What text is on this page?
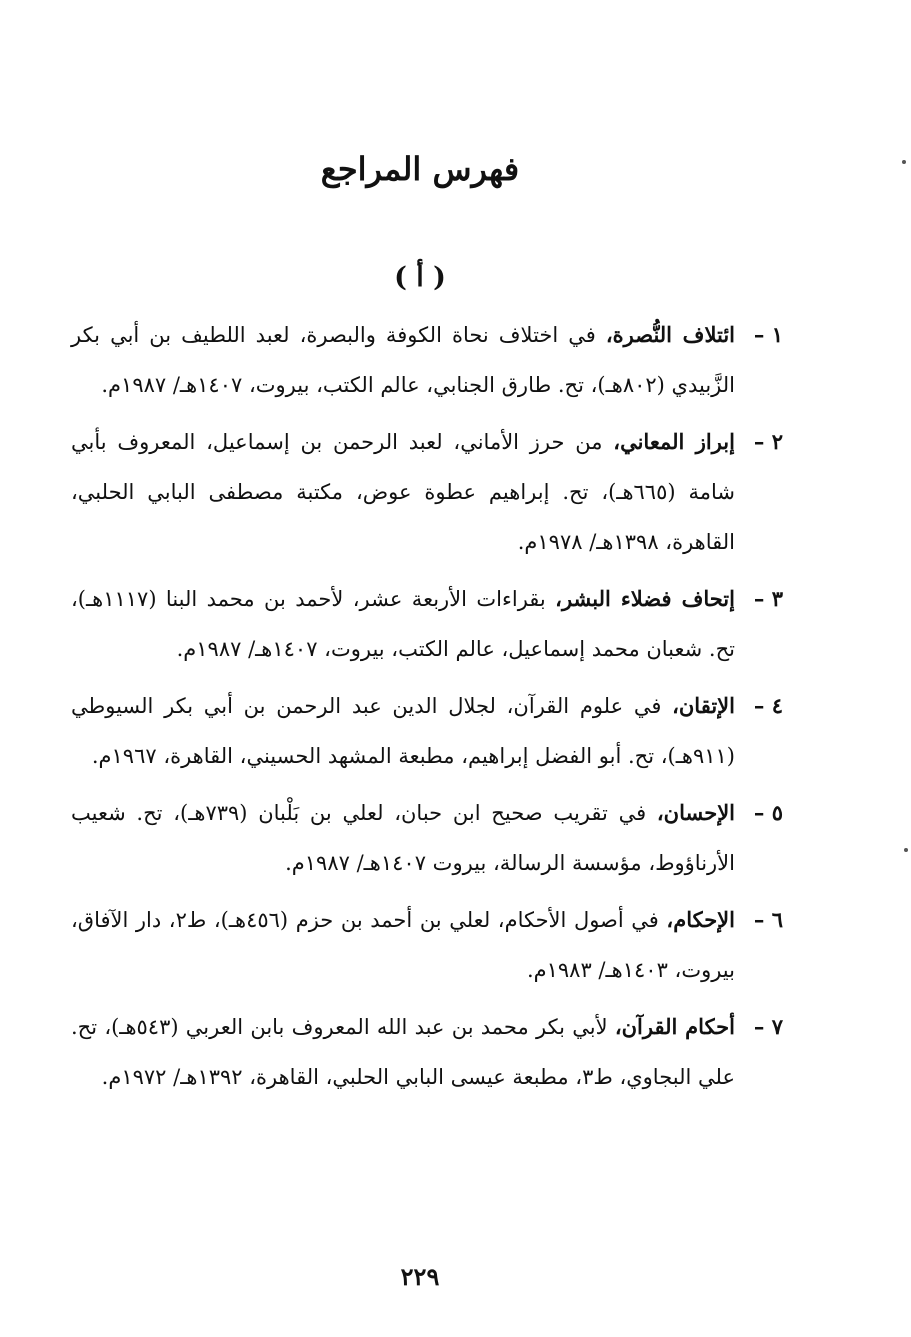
فهرس المراجع
( أ )
١ –
ائتلاف النُّصرة، في اختلاف نحاة الكوفة والبصرة، لعبد اللطيف بن أبي بكر الزَّبيدي (٨٠٢هـ)، تح. طارق الجنابي، عالم الكتب، بيروت، ١٤٠٧هـ/ ١٩٨٧م.
٢ –
إبراز المعاني، من حرز الأماني، لعبد الرحمن بن إسماعيل، المعروف بأبي شامة (٦٦٥هـ)، تح. إبراهيم عطوة عوض، مكتبة مصطفى البابي الحلبي، القاهرة، ١٣٩٨هـ/ ١٩٧٨م.
٣ –
إتحاف فضلاء البشر، بقراءات الأربعة عشر، لأحمد بن محمد البنا (١١١٧هـ)، تح. شعبان محمد إسماعيل، عالم الكتب، بيروت، ١٤٠٧هـ/ ١٩٨٧م.
٤ –
الإتقان، في علوم القرآن، لجلال الدين عبد الرحمن بن أبي بكر السيوطي (٩١١هـ)، تح. أبو الفضل إبراهيم، مطبعة المشهد الحسيني، القاهرة، ١٩٦٧م.
٥ –
الإحسان، في تقريب صحيح ابن حبان، لعلي بن بَلْبان (٧٣٩هـ)، تح. شعيب الأرناؤوط، مؤسسة الرسالة، بيروت ١٤٠٧هـ/ ١٩٨٧م.
٦ –
الإحكام، في أصول الأحكام، لعلي بن أحمد بن حزم (٤٥٦هـ)، ط٢، دار الآفاق، بيروت، ١٤٠٣هـ/ ١٩٨٣م.
٧ –
أحكام القرآن، لأبي بكر محمد بن عبد الله المعروف بابن العربي (٥٤٣هـ)، تح. علي البجاوي، ط٣، مطبعة عيسى البابي الحلبي، القاهرة، ١٣٩٢هـ/ ١٩٧٢م.
٢٢٩
